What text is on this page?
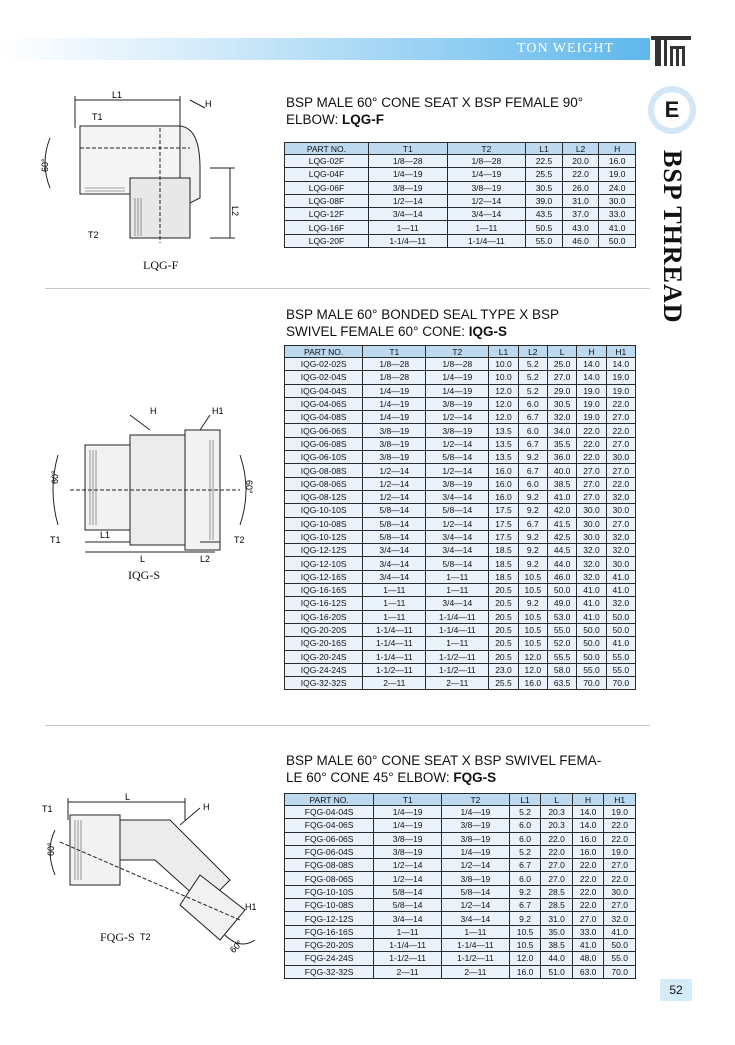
TON WEIGHT
E
BSP THREAD
BSP MALE 60° CONE SEAT X BSP FEMALE 90°
ELBOW: LQG-F
L1
H
T1
60°
L2
T2
LQG-F
PART NO.	T1	T2	L1	L2	H
LQG-02F	1/8—28	1/8—28	22.5	20.0	16.0
LQG-04F	1/4—19	1/4—19	25.5	22.0	19.0
LQG-06F	3/8—19	3/8—19	30.5	26.0	24.0
LQG-08F	1/2—14	1/2—14	39.0	31.0	30.0
LQG-12F	3/4—14	3/4—14	43.5	37.0	33.0
LQG-16F	1—11	1—11	50.5	43.0	41.0
LQG-20F	1-1/4—11	1-1/4—11	55.0	46.0	50.0
BSP MALE 60° BONDED SEAL TYPE X BSP
SWIVEL FEMALE 60° CONE: IQG-S
H	H1
60°
60°
T1	L1
L	L2
T2
IQG-S
PART NO.	T1	T2	L1	L2	L	H	H1
IQG-02-02S	1/8—28	1/8—28	10.0	5.2	25.0	14.0	14.0
IQG-02-04S	1/8—28	1/4—19	10.0	5.2	27.0	14.0	19.0
IQG-04-04S	1/4—19	1/4—19	12.0	5.2	29.0	19.0	19.0
IQG-04-06S	1/4—19	3/8—19	12.0	6.0	30.5	19.0	22.0
IQG-04-08S	1/4—19	1/2—14	12.0	6.7	32.0	19.0	27.0
IQG-06-06S	3/8—19	3/8—19	13.5	6.0	34.0	22.0	22.0
IQG-06-08S	3/8—19	1/2—14	13.5	6.7	35.5	22.0	27.0
IQG-06-10S	3/8—19	5/8—14	13.5	9.2	36.0	22.0	30.0
IQG-08-08S	1/2—14	1/2—14	16.0	6.7	40.0	27.0	27.0
IQG-08-06S	1/2—14	3/8—19	16.0	6.0	38.5	27.0	22.0
IQG-08-12S	1/2—14	3/4—14	16.0	9.2	41.0	27.0	32.0
IQG-10-10S	5/8—14	5/8—14	17.5	9.2	42.0	30.0	30.0
IQG-10-08S	5/8—14	1/2—14	17.5	6.7	41.5	30.0	27.0
IQG-10-12S	5/8—14	3/4—14	17.5	9.2	42.5	30.0	32.0
IQG-12-12S	3/4—14	3/4—14	18.5	9.2	44.5	32.0	32.0
IQG-12-10S	3/4—14	5/8—14	18.5	9.2	44.0	32.0	30.0
IQG-12-16S	3/4—14	1—11	18.5	10.5	46.0	32.0	41.0
IQG-16-16S	1—11	1—11	20.5	10.5	50.0	41.0	41.0
IQG-16-12S	1—11	3/4—14	20.5	9.2	49.0	41.0	32.0
IQG-16-20S	1—11	1-1/4—11	20.5	10.5	53.0	41.0	50.0
IQG-20-20S	1-1/4—11	1-1/4—11	20.5	10.5	55.0	50.0	50.0
IQG-20-16S	1-1/4—11	1—11	20.5	10.5	52.0	50.0	41.0
IQG-20-24S	1-1/4—11	1-1/2—11	20.5	12.0	55.5	50.0	55.0
IQG-24-24S	1-1/2—11	1-1/2—11	23.0	12.0	58.0	55.0	55.0
IQG-32-32S	2—11	2—11	25.5	16.0	63.5	70.0	70.0
BSP MALE 60° CONE SEAT X BSP SWIVEL FEMA-
LE 60° CONE 45° ELBOW: FQG-S
T1
L
H
60°
H1
T2
60°
FQG-S
PART NO.	T1	T2	L1	L	H	H1
FQG-04-04S	1/4—19	1/4—19	5.2	20.3	14.0	19.0
FQG-04-06S	1/4—19	3/8—19	6.0	20.3	14.0	22.0
FQG-06-06S	3/8—19	3/8—19	6.0	22.0	16.0	22.0
FQG-06-04S	3/8—19	1/4—19	5.2	22.0	16.0	19.0
FQG-08-08S	1/2—14	1/2—14	6.7	27.0	22.0	27.0
FQG-08-06S	1/2—14	3/8—19	6.0	27.0	22.0	22.0
FQG-10-10S	5/8—14	5/8—14	9.2	28.5	22.0	30.0
FQG-10-08S	5/8—14	1/2—14	6.7	28.5	22.0	27.0
FQG-12-12S	3/4—14	3/4—14	9.2	31.0	27.0	32.0
FQG-16-16S	1—11	1—11	10.5	35.0	33.0	41.0
FQG-20-20S	1-1/4—11	1-1/4—11	10.5	38.5	41.0	50.0
FQG-24-24S	1-1/2—11	1-1/2—11	12.0	44.0	48.0	55.0
FQG-32-32S	2—11	2—11	16.0	51.0	63.0	70.0
52
